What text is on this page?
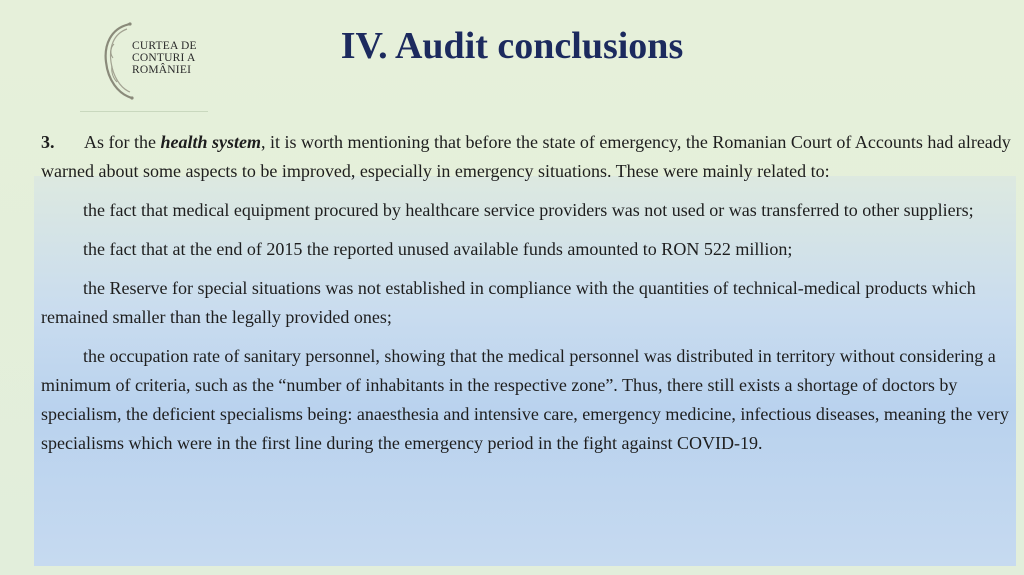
CURTEA DE
CONTURI A
ROMÂNIEI
IV. Audit conclusions

3. As for the health system, it is worth mentioning that before the state of emergency, the Romanian Court of Accounts had already warned about some aspects to be improved, especially in emergency situations. These were mainly related to:

the fact that medical equipment procured by healthcare service providers was not used or was transferred to other suppliers;

the fact that at the end of 2015 the reported unused available funds amounted to RON 522 million;

the Reserve for special situations was not established in compliance with the quantities of technical-medical products which remained smaller than the legally provided ones;

the occupation rate of sanitary personnel, showing that the medical personnel was distributed in territory without considering a minimum of criteria, such as the “number of inhabitants in the respective zone”. Thus, there still exists a shortage of doctors by specialism, the deficient specialisms being: anaesthesia and intensive care, emergency medicine, infectious diseases, meaning the very specialisms which were in the first line during the emergency period in the fight against COVID-19.
